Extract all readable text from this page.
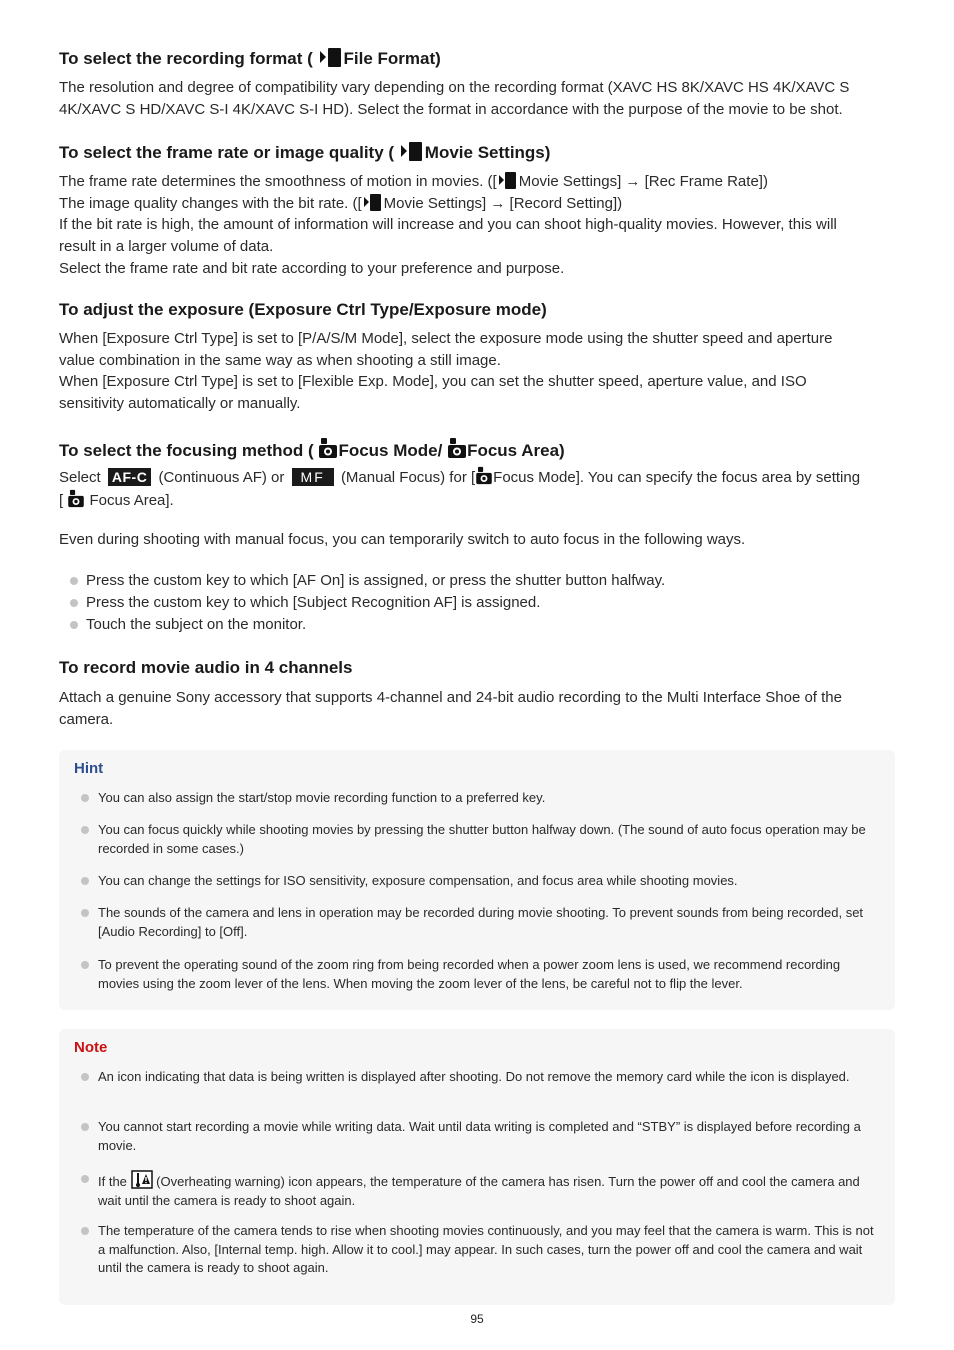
To select the recording format ( File Format)

The resolution and degree of compatibility vary depending on the recording format (XAVC HS 8K/XAVC HS 4K/XAVC S
4K/XAVC S HD/XAVC S-I 4K/XAVC S-I HD). Select the format in accordance with the purpose of the movie to be shot.

To select the frame rate or image quality ( Movie Settings)

The frame rate determines the smoothness of motion in movies. ([ Movie Settings] → [Rec Frame Rate])
The image quality changes with the bit rate. ([ Movie Settings] → [Record Setting])
If the bit rate is high, the amount of information will increase and you can shoot high-quality movies. However, this will
result in a larger volume of data.
Select the frame rate and bit rate according to your preference and purpose.

To adjust the exposure (Exposure Ctrl Type/Exposure mode)

When [Exposure Ctrl Type] is set to [P/A/S/M Mode], select the exposure mode using the shutter speed and aperture
value combination in the same way as when shooting a still image.
When [Exposure Ctrl Type] is set to [Flexible Exp. Mode], you can set the shutter speed, aperture value, and ISO
sensitivity automatically or manually.

To select the focusing method ( Focus Mode/ Focus Area)

Select AF-C (Continuous AF) or MF (Manual Focus) for [ Focus Mode]. You can specify the focus area by setting
[ Focus Area].

Even during shooting with manual focus, you can temporarily switch to auto focus in the following ways.

Press the custom key to which [AF On] is assigned, or press the shutter button halfway.
Press the custom key to which [Subject Recognition AF] is assigned.
Touch the subject on the monitor.
To record movie audio in 4 channels

Attach a genuine Sony accessory that supports 4-channel and 24-bit audio recording to the Multi Interface Shoe of the
camera.

Hint
You can also assign the start/stop movie recording function to a preferred key.
You can focus quickly while shooting movies by pressing the shutter button halfway down. (The sound of auto focus operation may be recorded in some cases.)
You can change the settings for ISO sensitivity, exposure compensation, and focus area while shooting movies.
The sounds of the camera and lens in operation may be recorded during movie shooting. To prevent sounds from being recorded, set [Audio Recording] to [Off].
To prevent the operating sound of the zoom ring from being recorded when a power zoom lens is used, we recommend recording movies using the zoom lever of the lens. When moving the zoom lever of the lens, be careful not to flip the lever.
Note
An icon indicating that data is being written is displayed after shooting. Do not remove the memory card while the icon is displayed.
You cannot start recording a movie while writing data. Wait until data writing is completed and “STBY” is displayed before recording a movie.
If the (Overheating warning) icon appears, the temperature of the camera has risen. Turn the power off and cool the camera and wait until the camera is ready to shoot again.
The temperature of the camera tends to rise when shooting movies continuously, and you may feel that the camera is warm. This is not a malfunction. Also, [Internal temp. high. Allow it to cool.] may appear. In such cases, turn the power off and cool the camera and wait until the camera is ready to shoot again.
95
